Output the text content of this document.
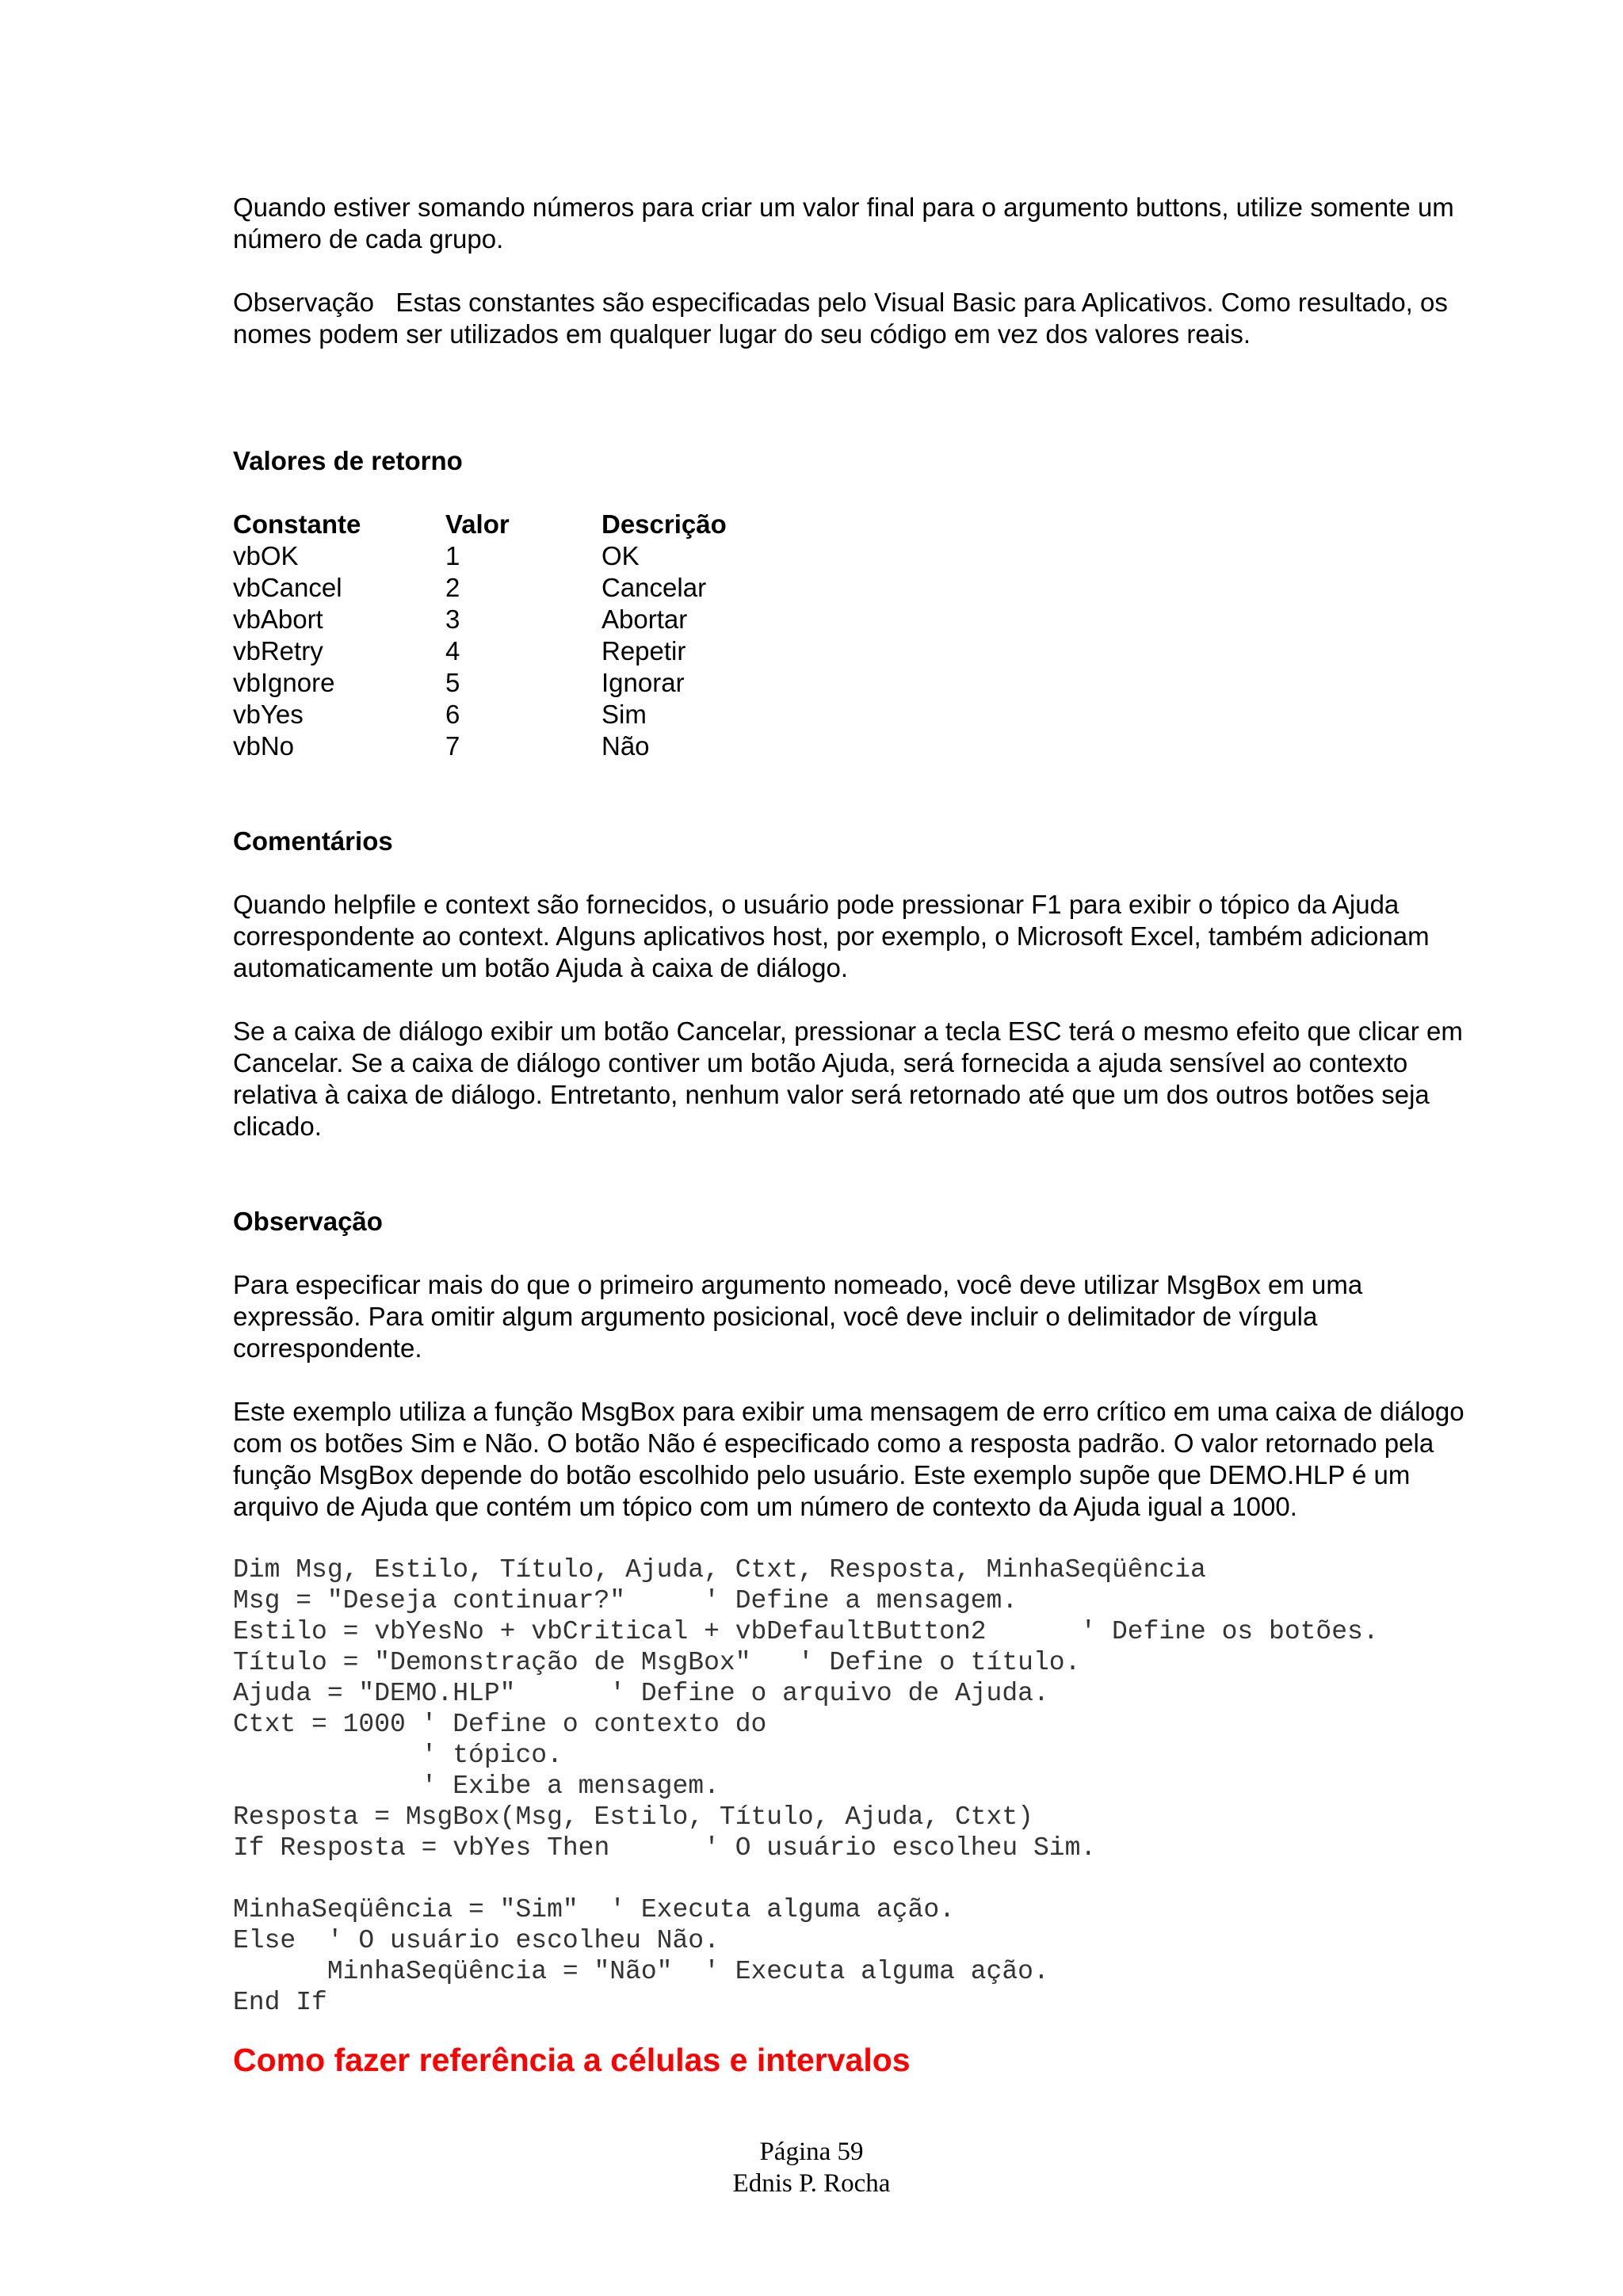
Quando estiver somando números para criar um valor final para o argumento buttons, utilize somente um número de cada grupo.

Observação   Estas constantes são especificadas pelo Visual Basic para Aplicativos. Como resultado, os nomes podem ser utilizados em qualquer lugar do seu código em vez dos valores reais.

Valores de retorno
Constante	Valor	Descrição
vbOK	1	OK
vbCancel	2	Cancelar
vbAbort	3	Abortar
vbRetry	4	Repetir
vbIgnore	5	Ignorar
vbYes	6	Sim
vbNo	7	Não
Comentários

Quando helpfile e context são fornecidos, o usuário pode pressionar F1 para exibir o tópico da Ajuda correspondente ao context. Alguns aplicativos host, por exemplo, o Microsoft Excel, também adicionam automaticamente um botão Ajuda à caixa de diálogo.

Se a caixa de diálogo exibir um botão Cancelar, pressionar a tecla ESC terá o mesmo efeito que clicar em Cancelar. Se a caixa de diálogo contiver um botão Ajuda, será fornecida a ajuda sensível ao contexto relativa à caixa de diálogo. Entretanto, nenhum valor será retornado até que um dos outros botões seja clicado.

Observação

Para especificar mais do que o primeiro argumento nomeado, você deve utilizar MsgBox em uma expressão. Para omitir algum argumento posicional, você deve incluir o delimitador de vírgula correspondente.

Este exemplo utiliza a função MsgBox para exibir uma mensagem de erro crítico em uma caixa de diálogo com os botões Sim e Não. O botão Não é especificado como a resposta padrão. O valor retornado pela função MsgBox depende do botão escolhido pelo usuário. Este exemplo supõe que DEMO.HLP é um arquivo de Ajuda que contém um tópico com um número de contexto da Ajuda igual a 1000.

Dim Msg, Estilo, Título, Ajuda, Ctxt, Resposta, MinhaSeqüência
Msg = "Deseja continuar?"     ' Define a mensagem.
Estilo = vbYesNo + vbCritical + vbDefaultButton2      ' Define os botões.
Título = "Demonstração de MsgBox"   ' Define o título.
Ajuda = "DEMO.HLP"      ' Define o arquivo de Ajuda.
Ctxt = 1000 ' Define o contexto do
' tópico.
' Exibe a mensagem.
Resposta = MsgBox(Msg, Estilo, Título, Ajuda, Ctxt)
If Resposta = vbYes Then      ' O usuário escolheu Sim.
MinhaSeqüência = "Sim"  ' Executa alguma ação.
Else  ' O usuário escolheu Não.
MinhaSeqüência = "Não"  ' Executa alguma ação.
End If
Como fazer referência a células e intervalos
Página 59
Ednis P. Rocha
